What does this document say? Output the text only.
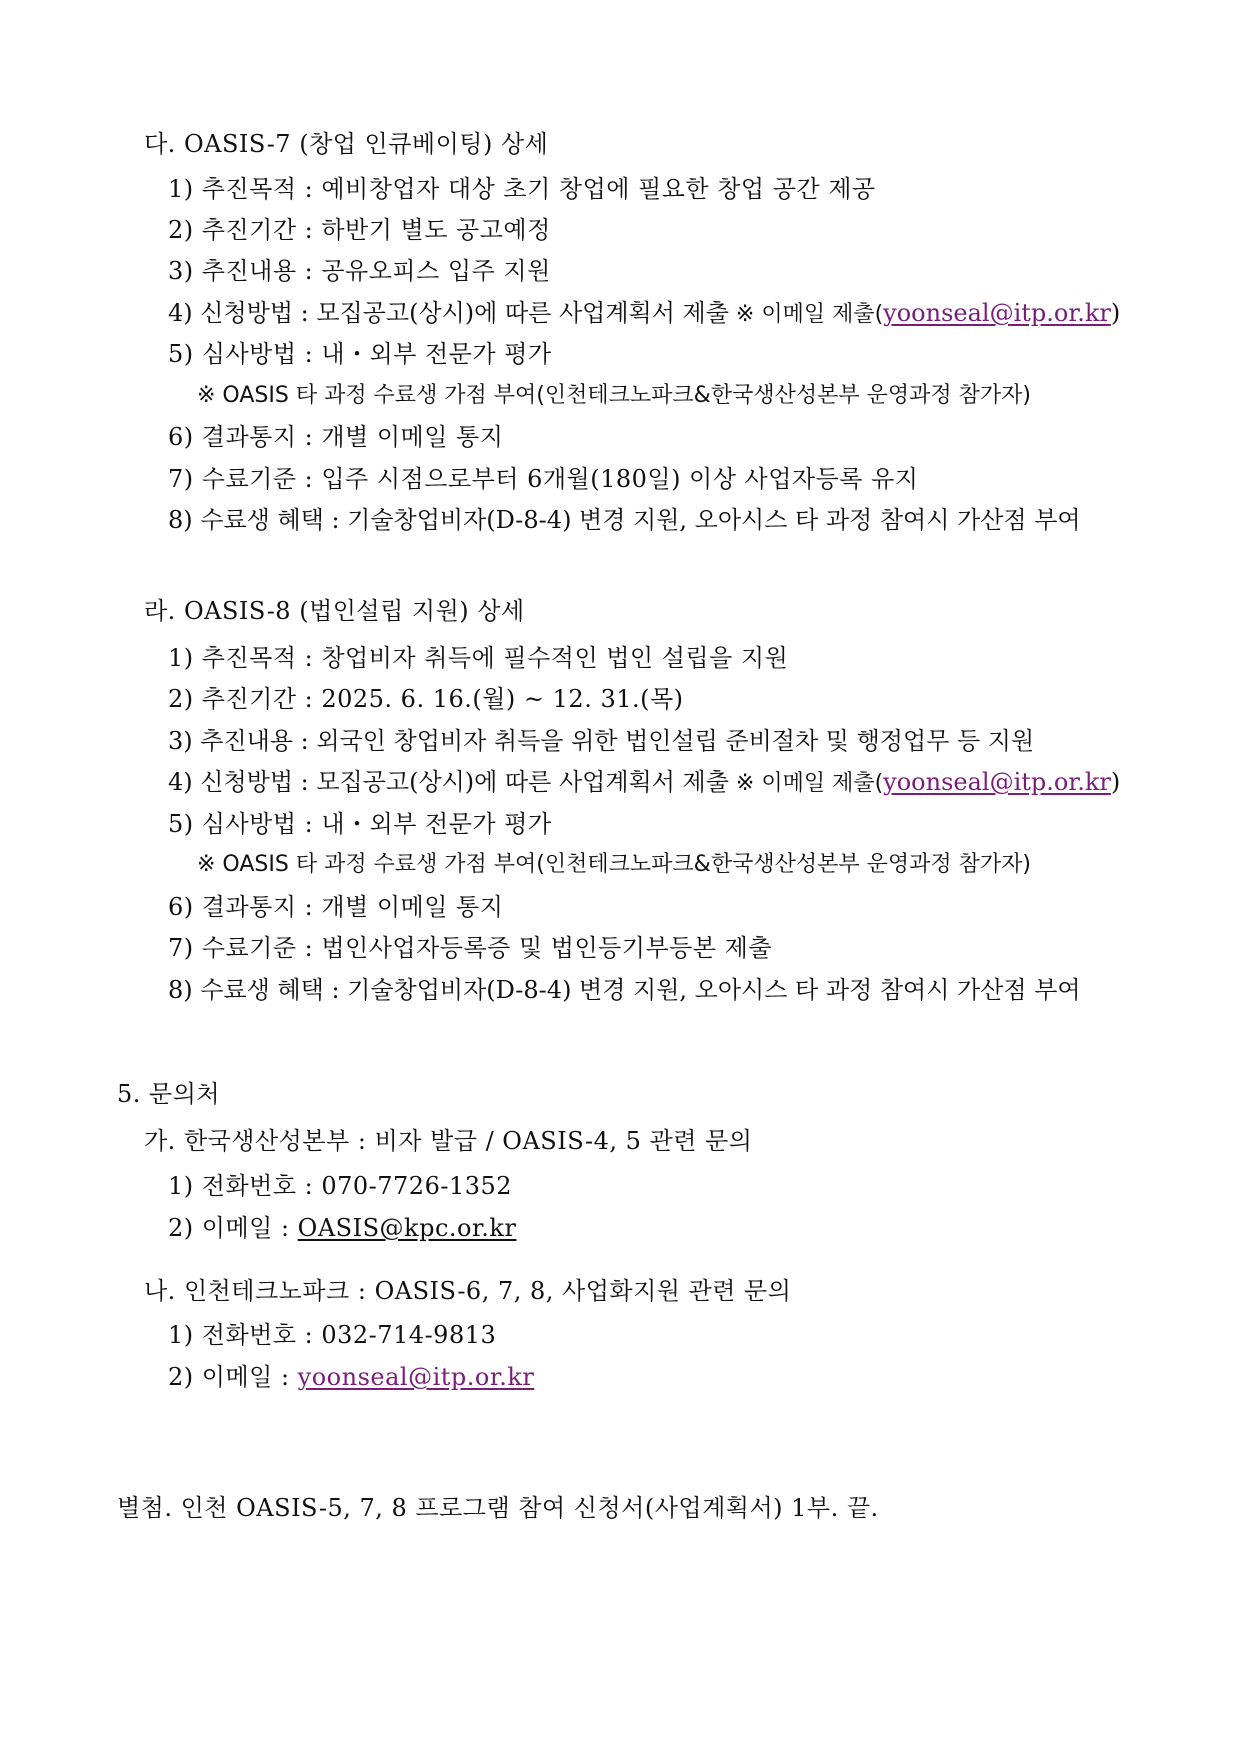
다. OASIS-7 (창업 인큐베이팅) 상세
1) 추진목적 : 예비창업자 대상 초기 창업에 필요한 창업 공간 제공
2) 추진기간 : 하반기 별도 공고예정
3) 추진내용 : 공유오피스 입주 지원
4) 신청방법 : 모집공고(상시)에 따른 사업계획서 제출 ※ 이메일 제출(yoonseal@itp.or.kr)
5) 심사방법 : 내・외부 전문가 평가
※ OASIS 타 과정 수료생 가점 부여(인천테크노파크&한국생산성본부 운영과정 참가자)
6) 결과통지 : 개별 이메일 통지
7) 수료기준 : 입주 시점으로부터 6개월(180일) 이상 사업자등록 유지
8) 수료생 혜택 : 기술창업비자(D-8-4) 변경 지원, 오아시스 타 과정 참여시 가산점 부여
라. OASIS-8 (법인설립 지원) 상세
1) 추진목적 : 창업비자 취득에 필수적인 법인 설립을 지원
2) 추진기간 : 2025. 6. 16.(월) ~ 12. 31.(목)
3) 추진내용 : 외국인 창업비자 취득을 위한 법인설립 준비절차 및 행정업무 등 지원
4) 신청방법 : 모집공고(상시)에 따른 사업계획서 제출 ※ 이메일 제출(yoonseal@itp.or.kr)
5) 심사방법 : 내・외부 전문가 평가
※ OASIS 타 과정 수료생 가점 부여(인천테크노파크&한국생산성본부 운영과정 참가자)
6) 결과통지 : 개별 이메일 통지
7) 수료기준 : 법인사업자등록증 및 법인등기부등본 제출
8) 수료생 혜택 : 기술창업비자(D-8-4) 변경 지원, 오아시스 타 과정 참여시 가산점 부여
5. 문의처
가. 한국생산성본부 : 비자 발급 / OASIS-4, 5 관련 문의
1) 전화번호 : 070-7726-1352
2) 이메일 : OASIS@kpc.or.kr
나. 인천테크노파크 : OASIS-6, 7, 8, 사업화지원 관련 문의
1) 전화번호 : 032-714-9813
2) 이메일 : yoonseal@itp.or.kr
별첨. 인천 OASIS-5, 7, 8 프로그램 참여 신청서(사업계획서) 1부. 끝.
